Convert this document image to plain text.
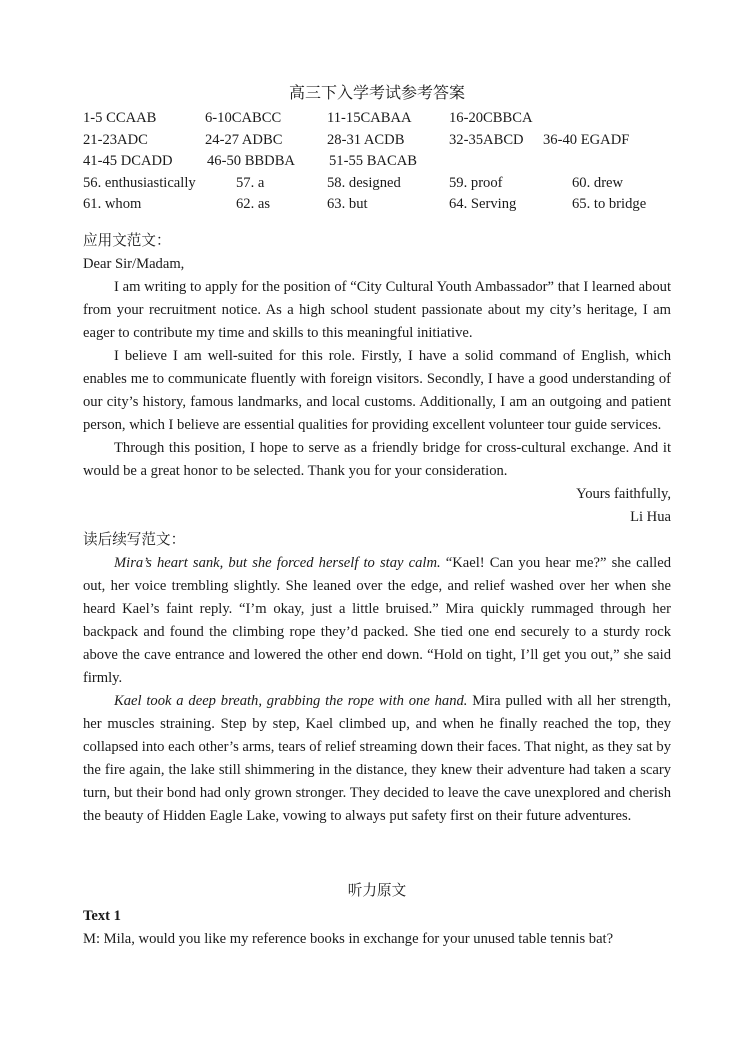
高三下入学考试参考答案
1-5 CCAAB	6-10CABCC	11-15CABAA	16-20CBBCA
21-23ADC	24-27 ADBC	28-31 ACDB	32-35ABCD 36-40 EGADF
41-45 DCADD 46-50 BBDBA 51-55 BACAB
56. enthusiastically	57. a	58. designed	59. proof	60. drew
61. whom	62. as	63. but	64. Serving	65. to bridge
应用文范文：
Dear Sir/Madam,

I am writing to apply for the position of “City Cultural Youth Ambassador” that I learned about from your recruitment notice. As a high school student passionate about my city’s heritage, I am eager to contribute my time and skills to this meaningful initiative.

I believe I am well-suited for this role. Firstly, I have a solid command of English, which enables me to communicate fluently with foreign visitors. Secondly, I have a good understanding of our city’s history, famous landmarks, and local customs. Additionally, I am an outgoing and patient person, which I believe are essential qualities for providing excellent volunteer tour guide services.

Through this position, I hope to serve as a friendly bridge for cross-cultural exchange. And it would be a great honor to be selected. Thank you for your consideration.

Yours faithfully,
Li Hua
读后续写范文：

Mira’s heart sank, but she forced herself to stay calm. “Kael! Can you hear me?” she called out, her voice trembling slightly. She leaned over the edge, and relief washed over her when she heard Kael’s faint reply. “I’m okay, just a little bruised.” Mira quickly rummaged through her backpack and found the climbing rope they’d packed. She tied one end securely to a sturdy rock above the cave entrance and lowered the other end down. “Hold on tight, I’ll get you out,” she said firmly.

Kael took a deep breath, grabbing the rope with one hand. Mira pulled with all her strength, her muscles straining. Step by step, Kael climbed up, and when he finally reached the top, they collapsed into each other’s arms, tears of relief streaming down their faces. That night, as they sat by the fire again, the lake still shimmering in the distance, they knew their adventure had taken a scary turn, but their bond had only grown stronger. They decided to leave the cave unexplored and cherish the beauty of Hidden Eagle Lake, vowing to always put safety first on their future adventures.

听力原文
Text 1
M: Mila, would you like my reference books in exchange for your unused table tennis bat?
